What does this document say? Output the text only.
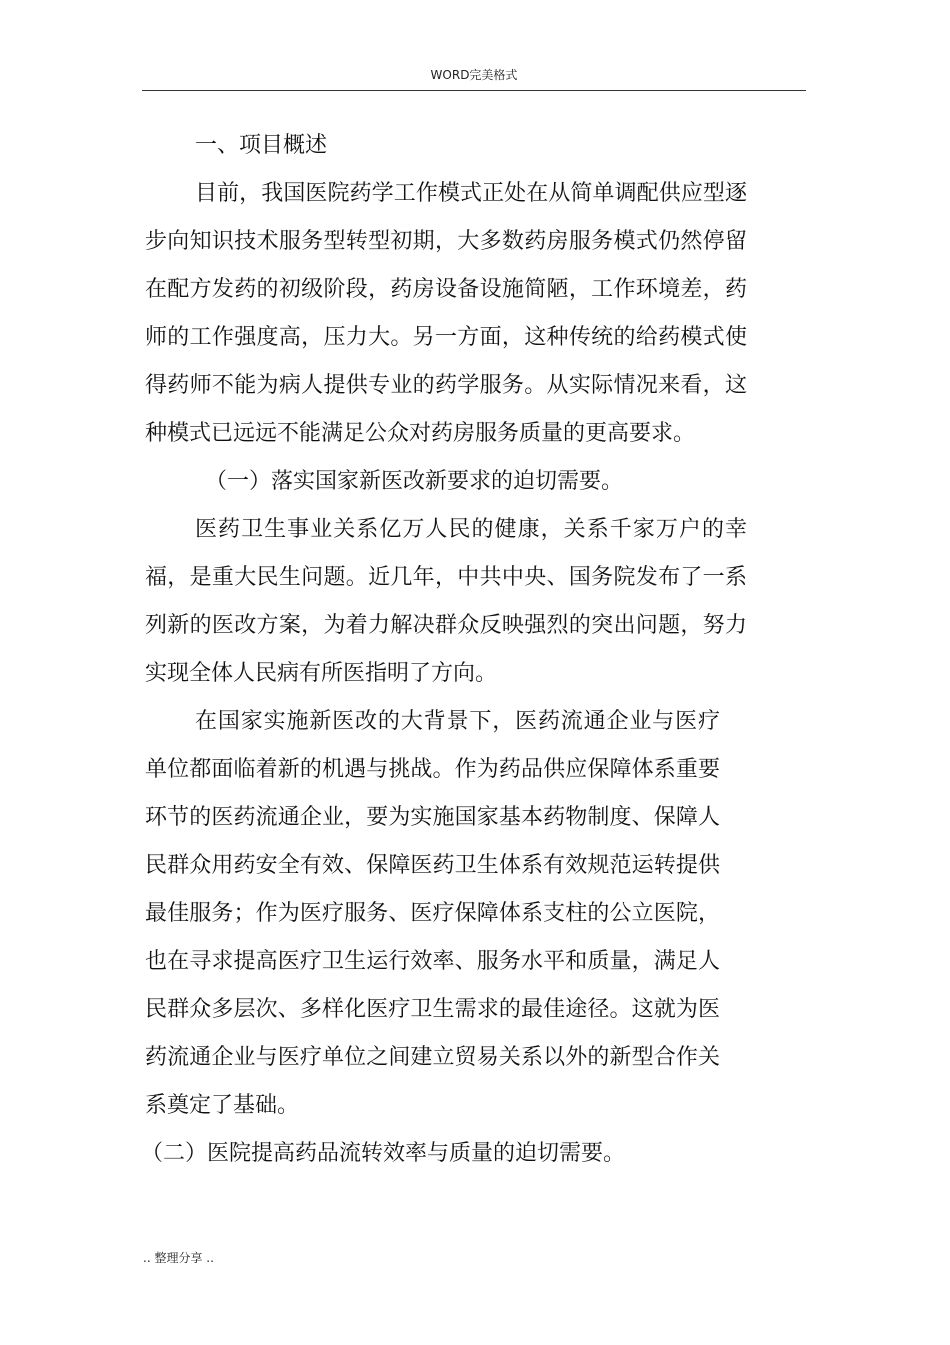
WORD完美格式

一、项目概述

目前，我国医院药学工作模式正处在从简单调配供应型逐步向知识技术服务型转型初期，大多数药房服务模式仍然停留在配方发药的初级阶段，药房设备设施简陋，工作环境差，药师的工作强度高，压力大。另一方面，这种传统的给药模式使得药师不能为病人提供专业的药学服务。从实际情况来看，这种模式已远远不能满足公众对药房服务质量的更高要求。

（一）落实国家新医改新要求的迫切需要。

医药卫生事业关系亿万人民的健康，关系千家万户的幸福，是重大民生问题。近几年，中共中央、国务院发布了一系列新的医改方案，为着力解决群众反映强烈的突出问题，努力实现全体人民病有所医指明了方向。

在国家实施新医改的大背景下，医药流通企业与医疗单位都面临着新的机遇与挑战。作为药品供应保障体系重要环节的医药流通企业，要为实施国家基本药物制度、保障人民群众用药安全有效、保障医药卫生体系有效规范运转提供最佳服务；作为医疗服务、医疗保障体系支柱的公立医院，也在寻求提高医疗卫生运行效率、服务水平和质量，满足人民群众多层次、多样化医疗卫生需求的最佳途径。这就为医药流通企业与医疗单位之间建立贸易关系以外的新型合作关系奠定了基础。

（二）医院提高药品流转效率与质量的迫切需要。

.. 整理分享 ..
